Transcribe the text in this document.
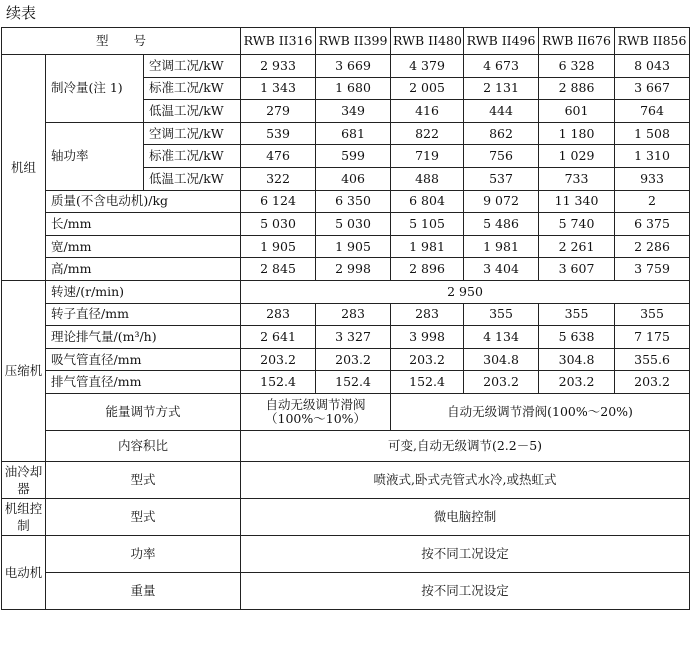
续表
型　　号			RWB II316	RWB II399	RWB II480	RWB II496	RWB II676	RWB II856
机组	制冷量(注 1)	空调工况/kW	2 933	3 669	4 379	4 673	6 328	8 043
		标准工况/kW	1 343	1 680	2 005	2 131	2 886	3 667
		低温工况/kW	279	349	416	444	601	764
	轴功率	空调工况/kW	539	681	822	862	1 180	1 508
		标准工况/kW	476	599	719	756	1 029	1 310
		低温工况/kW	322	406	488	537	733	933
	质量(不含电动机)/kg		6 124	6 350	6 804	9 072	11 340	2
	长/mm		5 030	5 030	5 105	5 486	5 740	6 375
	宽/mm		1 905	1 905	1 981	1 981	2 261	2 286
	高/mm		2 845	2 998	2 896	3 404	3 607	3 759
压缩机	转速/(r/min)		2 950					
	转子直径/mm		283	283	283	355	355	355
	理论排气量/(m³/h)		2 641	3 327	3 998	4 134	5 638	7 175
	吸气管直径/mm		203.2	203.2	203.2	304.8	304.8	355.6
	排气管直径/mm		152.4	152.4	152.4	203.2	203.2	203.2
	能量调节方式		自动无级调节滑阀（100%～10%）		自动无级调节滑阀(100%～20%)			
	内容积比		可变,自动无级调节(2.2－5)					
油冷却器	型式		喷液式,卧式壳管式水冷,或热虹式					
机组控制	型式		微电脑控制					
电动机	功率		按不同工况设定					
	重量		按不同工况设定					
